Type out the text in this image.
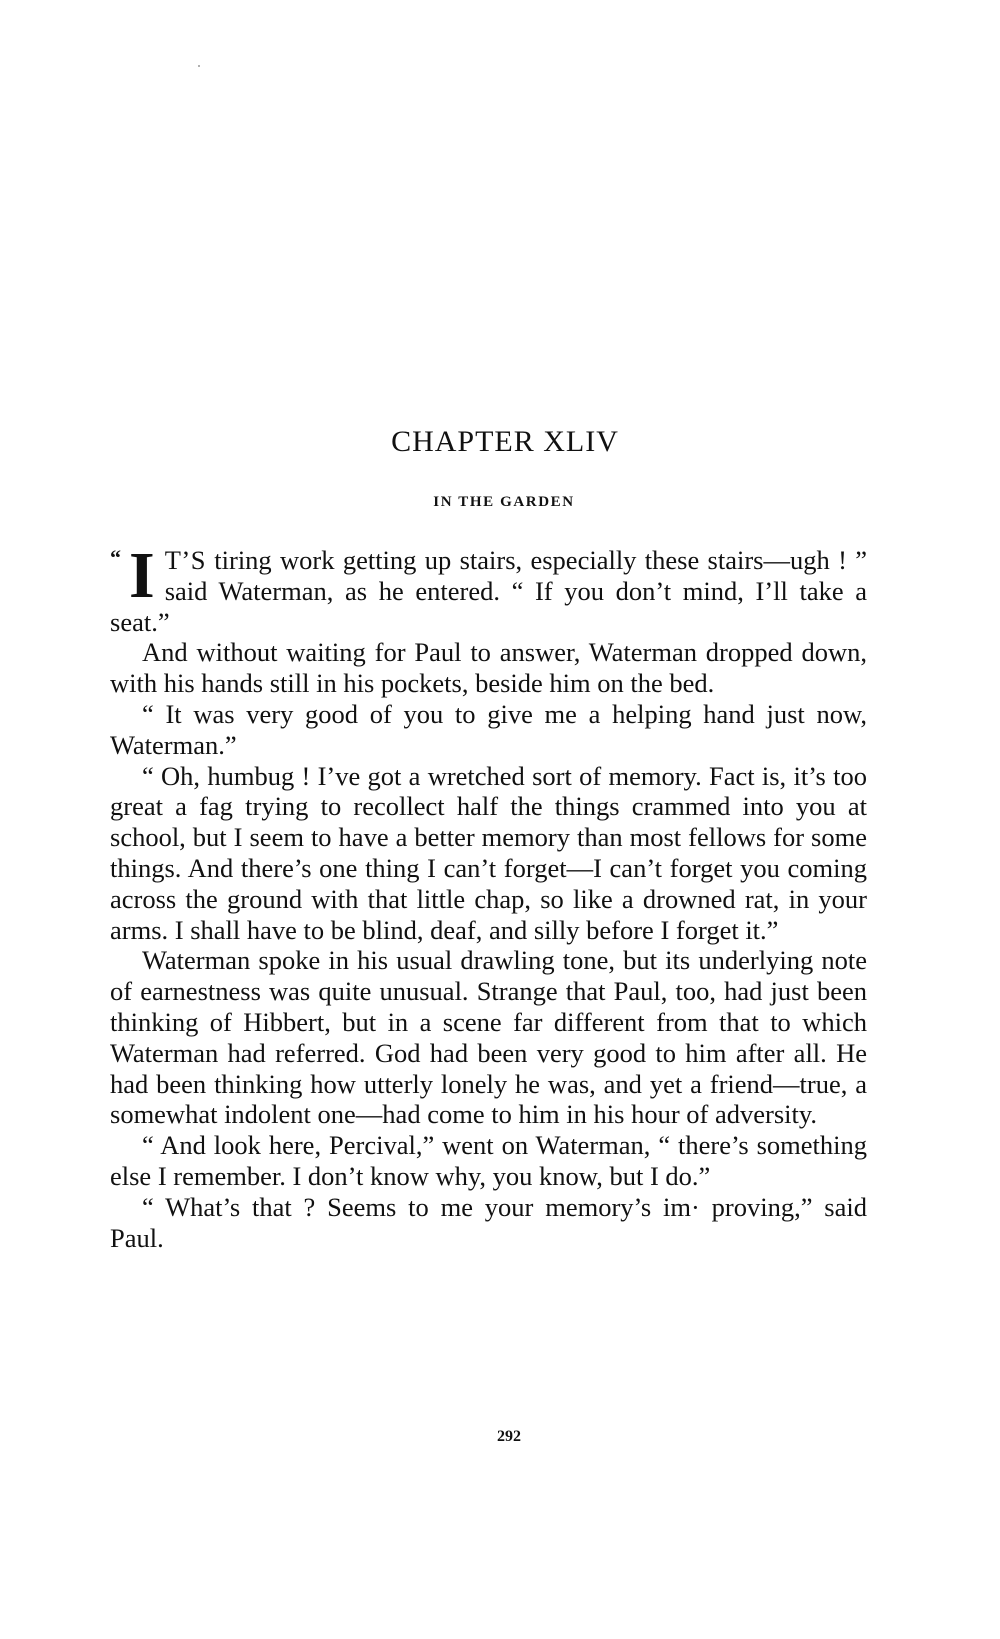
CHAPTER XLIV
IN THE GARDEN

“ I T’S tiring work getting up stairs, especially these stairs—ugh ! ” said Waterman, as he entered. “ If you don’t mind, I’ll take a seat.”

And without waiting for Paul to answer, Waterman dropped down, with his hands still in his pockets, beside him on the bed.

“ It was very good of you to give me a helping hand just now, Waterman.”

“ Oh, humbug ! I’ve got a wretched sort of memory. Fact is, it’s too great a fag trying to recollect half the things crammed into you at school, but I seem to have a better memory than most fellows for some things. And there’s one thing I can’t forget—I can’t forget you coming across the ground with that little chap, so like a drowned rat, in your arms. I shall have to be blind, deaf, and silly before I forget it.”

Waterman spoke in his usual drawling tone, but its underlying note of earnestness was quite unusual. Strange that Paul, too, had just been thinking of Hibbert, but in a scene far different from that to which Waterman had referred. God had been very good to him after all. He had been thinking how utterly lonely he was, and yet a friend—true, a somewhat indolent one—had come to him in his hour of adversity.

“ And look here, Percival,” went on Waterman, “ there’s something else I remember. I don’t know why, you know, but I do.”

“ What’s that ? Seems to me your memory’s im· proving,” said Paul.

292
